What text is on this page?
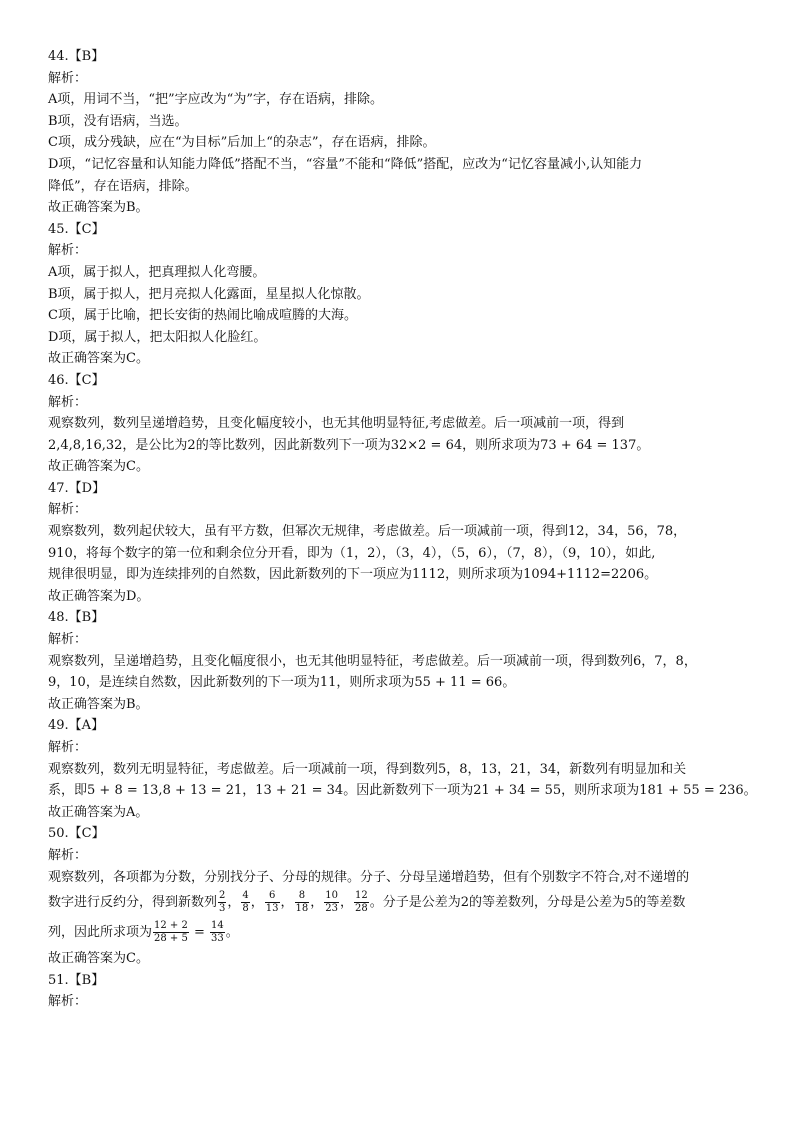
44.【B】
解析：
A项，用词不当，“把”字应改为“为”字，存在语病，排除。
B项，没有语病，当选。
C项，成分残缺，应在“为目标”后加上“的杂志”，存在语病，排除。
D项，“记忆容量和认知能力降低”搭配不当，“容量”不能和“降低”搭配，应改为“记忆容量减小,认知能力
降低”，存在语病，排除。
故正确答案为B。
45.【C】
解析：
A项，属于拟人，把真理拟人化弯腰。
B项，属于拟人，把月亮拟人化露面，星星拟人化惊散。
C项，属于比喻，把长安街的热闹比喻成喧腾的大海。
D项，属于拟人，把太阳拟人化脸红。
故正确答案为C。
46.【C】
解析：
观察数列，数列呈递增趋势，且变化幅度较小，也无其他明显特征,考虑做差。后一项减前一项，得到
2,4,8,16,32，是公比为2的等比数列，因此新数列下一项为32×2 = 64，则所求项为73 + 64 = 137。
故正确答案为C。
47.【D】
解析：
观察数列，数列起伏较大，虽有平方数，但幂次无规律，考虑做差。后一项减前一项，得到12，34，56，78，
910，将每个数字的第一位和剩余位分开看，即为（1，2），（3，4），（5，6），（7，8），（9，10），如此,
规律很明显，即为连续排列的自然数，因此新数列的下一项应为1112，则所求项为1094+1112=2206。
故正确答案为D。
48.【B】
解析：
观察数列，呈递增趋势，且变化幅度很小，也无其他明显特征，考虑做差。后一项减前一项，得到数列6，7，8，
9，10，是连续自然数，因此新数列的下一项为11，则所求项为55 + 11 = 66。
故正确答案为B。
49.【A】
解析：
观察数列，数列无明显特征，考虑做差。后一项减前一项，得到数列5，8，13，21，34，新数列有明显加和关
系，即5 + 8 = 13,8 + 13 = 21，13 + 21 = 34。因此新数列下一项为21 + 34 = 55，则所求项为181 + 55 = 236。
故正确答案为A。
50.【C】
解析：
观察数列，各项都为分数，分别找分子、分母的规律。分子、分母呈递增趋势，但有个别数字不符合,对不递增的
数字进行反约分，得到新数列 $\frac{2}{3}$ ， $\frac{4}{8}$ ， $\frac{6}{13}$ ， $\frac{8}{18}$ ， $\frac{10}{23}$ ， $\frac{12}{28}$ 。分子是公差为2的等差数列，分母是公差为5的等差数
列，因此所求项为 $\frac{12 + 2}{28 + 5} = \frac{14}{33}$ 。
故正确答案为C。
51.【B】
解析：
